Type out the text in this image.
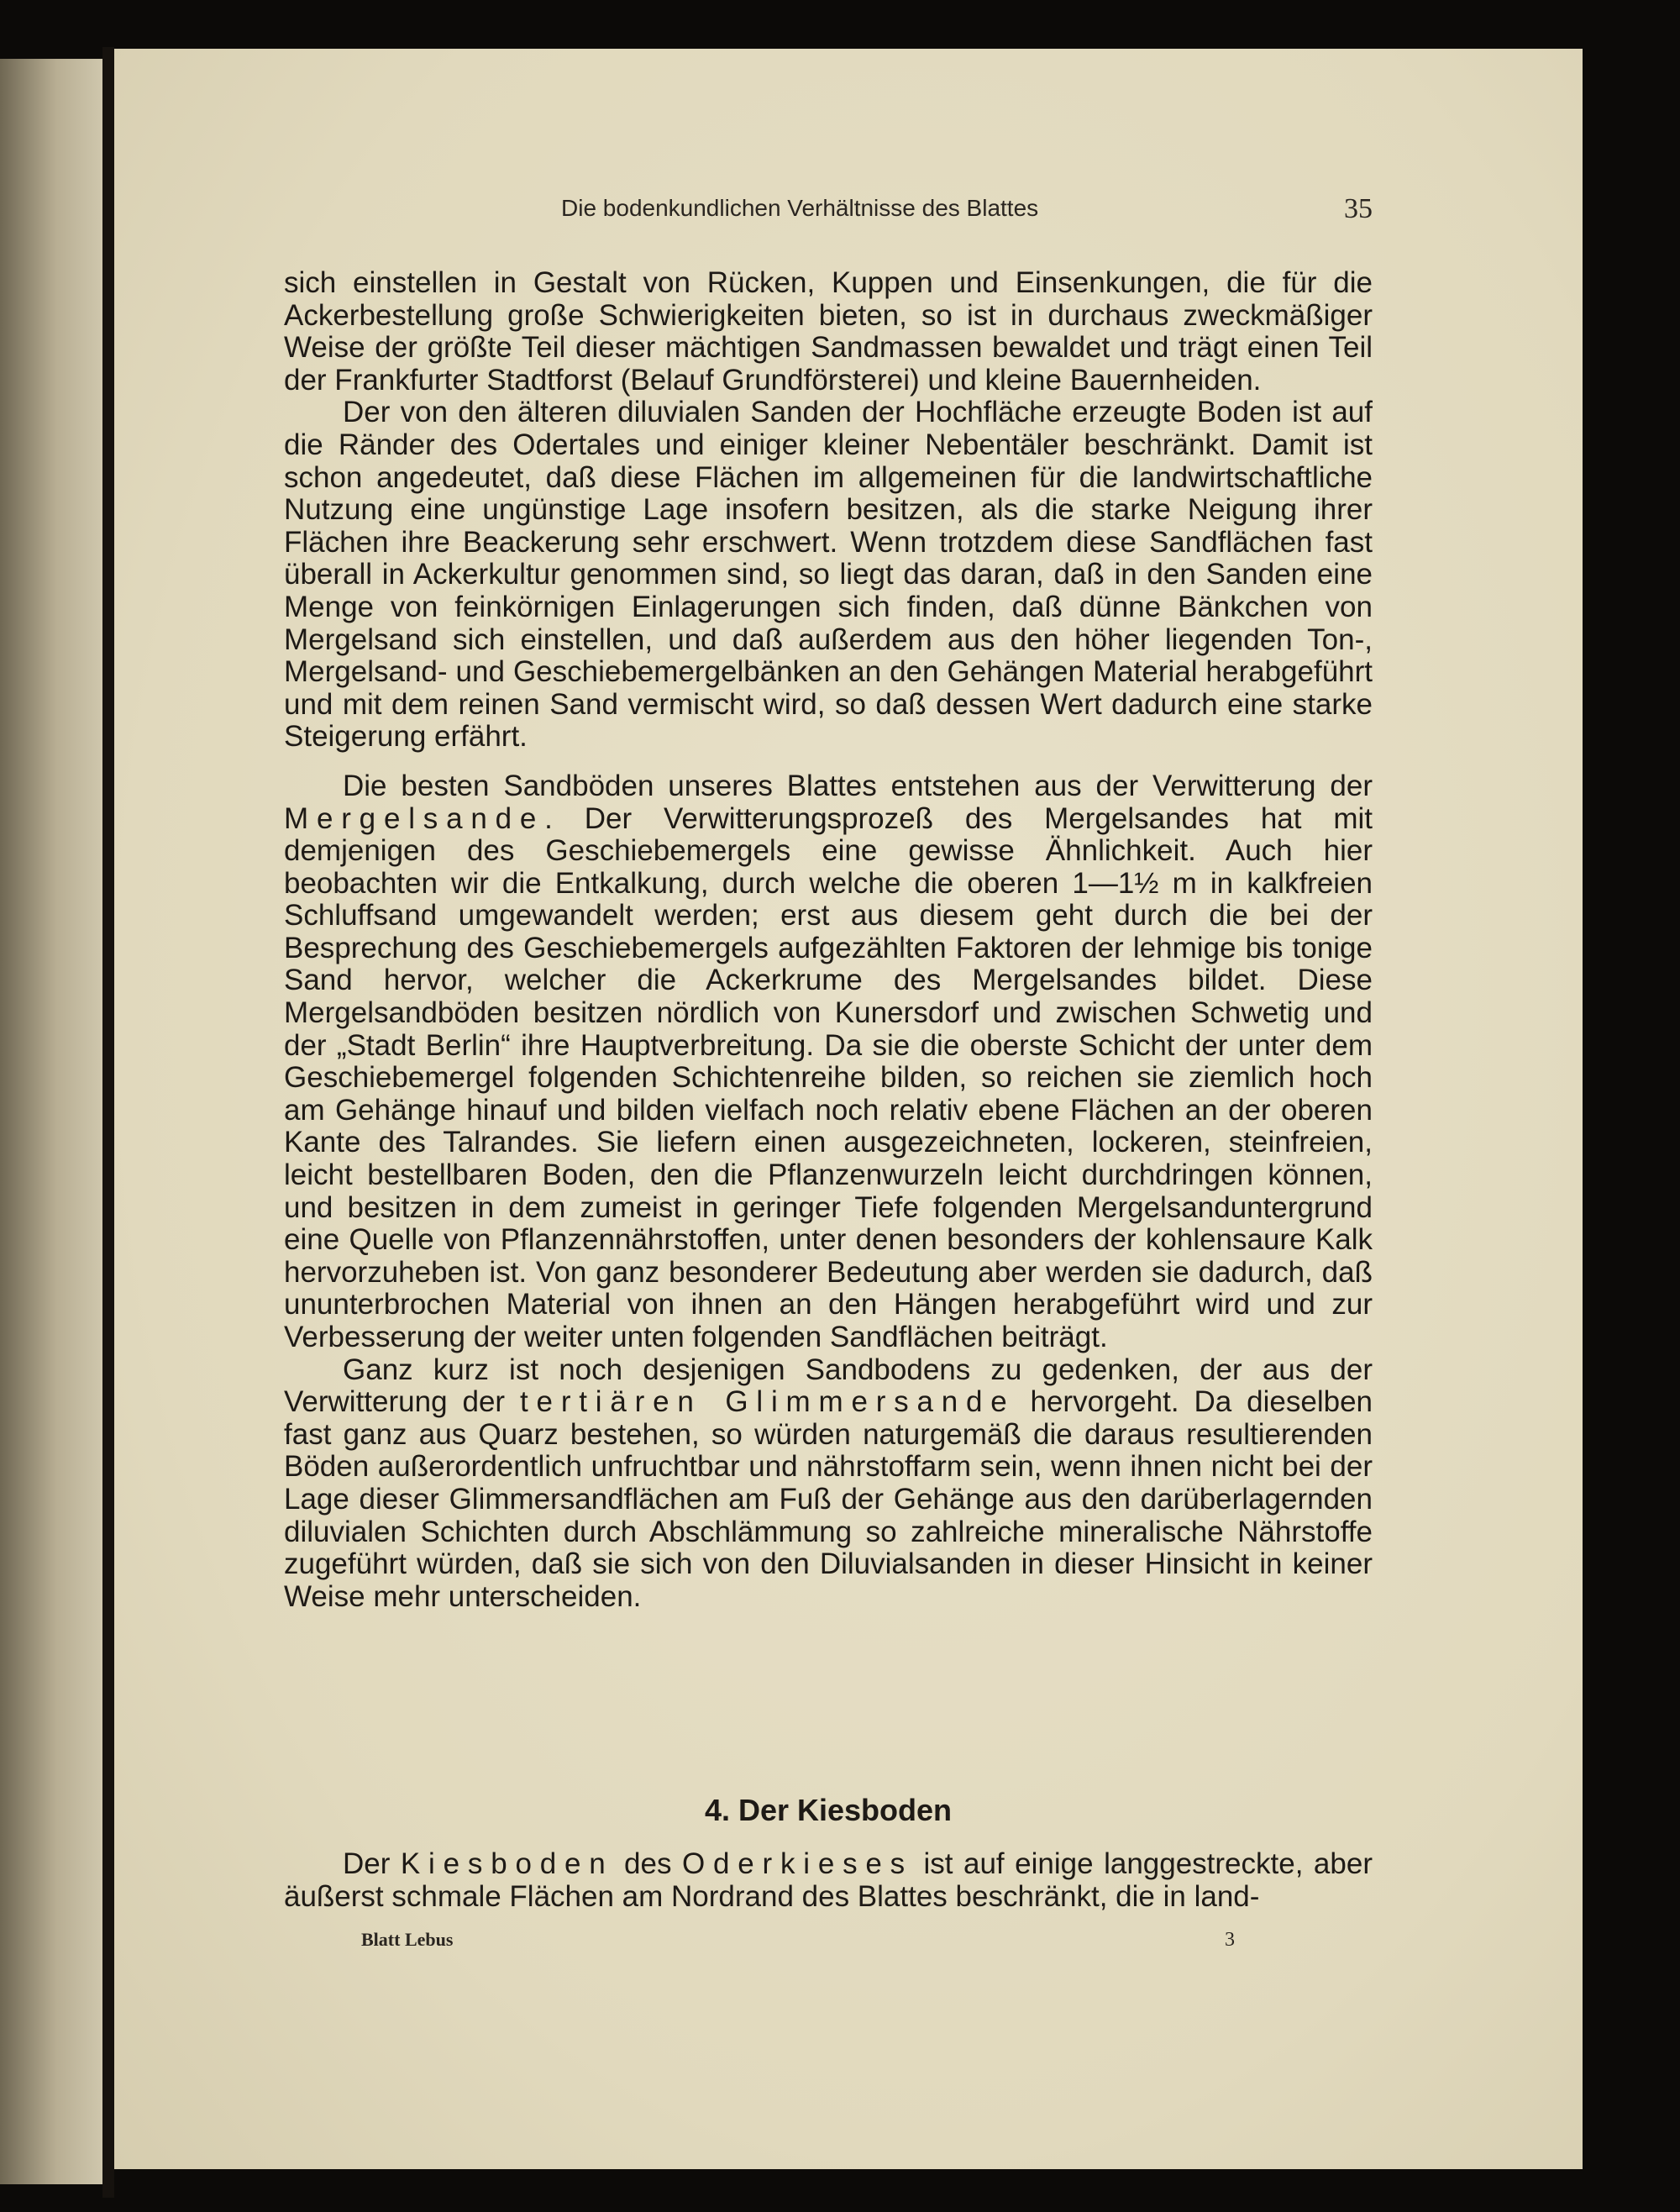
Die bodenkundlichen Verhältnisse des Blattes	35

sich einstellen in Gestalt von Rücken, Kuppen und Einsenkungen, die für die Ackerbestellung große Schwierigkeiten bieten, so ist in durchaus zweckmäßiger Weise der größte Teil dieser mächtigen Sandmassen bewaldet und trägt einen Teil der Frankfurter Stadtforst (Belauf Grundförsterei) und kleine Bauernheiden.

Der von den älteren diluvialen Sanden der Hochfläche erzeugte Boden ist auf die Ränder des Odertales und einiger kleiner Nebentäler beschränkt. Damit ist schon angedeutet, daß diese Flächen im allgemeinen für die landwirtschaftliche Nutzung eine ungünstige Lage insofern besitzen, als die starke Neigung ihrer Flächen ihre Beackerung sehr erschwert. Wenn trotzdem diese Sandflächen fast überall in Ackerkultur genommen sind, so liegt das daran, daß in den Sanden eine Menge von feinkörnigen Einlagerungen sich finden, daß dünne Bänkchen von Mergelsand sich einstellen, und daß außerdem aus den höher liegenden Ton-, Mergelsand- und Geschiebemergelbänken an den Gehängen Material herabgeführt und mit dem reinen Sand vermischt wird, so daß dessen Wert dadurch eine starke Steigerung erfährt.

Die besten Sandböden unseres Blattes entstehen aus der Verwitterung der Mergelsande. Der Verwitterungsprozeß des Mergelsandes hat mit demjenigen des Geschiebemergels eine gewisse Ähnlichkeit. Auch hier beobachten wir die Entkalkung, durch welche die oberen 1—1½ m in kalkfreien Schluffsand umgewandelt werden; erst aus diesem geht durch die bei der Besprechung des Geschiebemergels aufgezählten Faktoren der lehmige bis tonige Sand hervor, welcher die Ackerkrume des Mergelsandes bildet. Diese Mergelsandböden besitzen nördlich von Kunersdorf und zwischen Schwetig und der „Stadt Berlin“ ihre Hauptverbreitung. Da sie die oberste Schicht der unter dem Geschiebemergel folgenden Schichtenreihe bilden, so reichen sie ziemlich hoch am Gehänge hinauf und bilden vielfach noch relativ ebene Flächen an der oberen Kante des Talrandes. Sie liefern einen ausgezeichneten, lockeren, steinfreien, leicht bestellbaren Boden, den die Pflanzenwurzeln leicht durchdringen können, und besitzen in dem zumeist in geringer Tiefe folgenden Mergelsanduntergrund eine Quelle von Pflanzennährstoffen, unter denen besonders der kohlensaure Kalk hervorzuheben ist. Von ganz besonderer Bedeutung aber werden sie dadurch, daß ununterbrochen Material von ihnen an den Hängen herabgeführt wird und zur Verbesserung der weiter unten folgenden Sandflächen beiträgt.

Ganz kurz ist noch desjenigen Sandbodens zu gedenken, der aus der Verwitterung der tertiären Glimmersande hervorgeht. Da dieselben fast ganz aus Quarz bestehen, so würden naturgemäß die daraus resultierenden Böden außerordentlich unfruchtbar und nährstoffarm sein, wenn ihnen nicht bei der Lage dieser Glimmersandflächen am Fuß der Gehänge aus den darüberlagernden diluvialen Schichten durch Abschlämmung so zahlreiche mineralische Nährstoffe zugeführt würden, daß sie sich von den Diluvialsanden in dieser Hinsicht in keiner Weise mehr unterscheiden.

4. Der Kiesboden

Der Kiesboden des Oderkieses ist auf einige langgestreckte, aber äußerst schmale Flächen am Nordrand des Blattes beschränkt, die in land-

Blatt Lebus	3
